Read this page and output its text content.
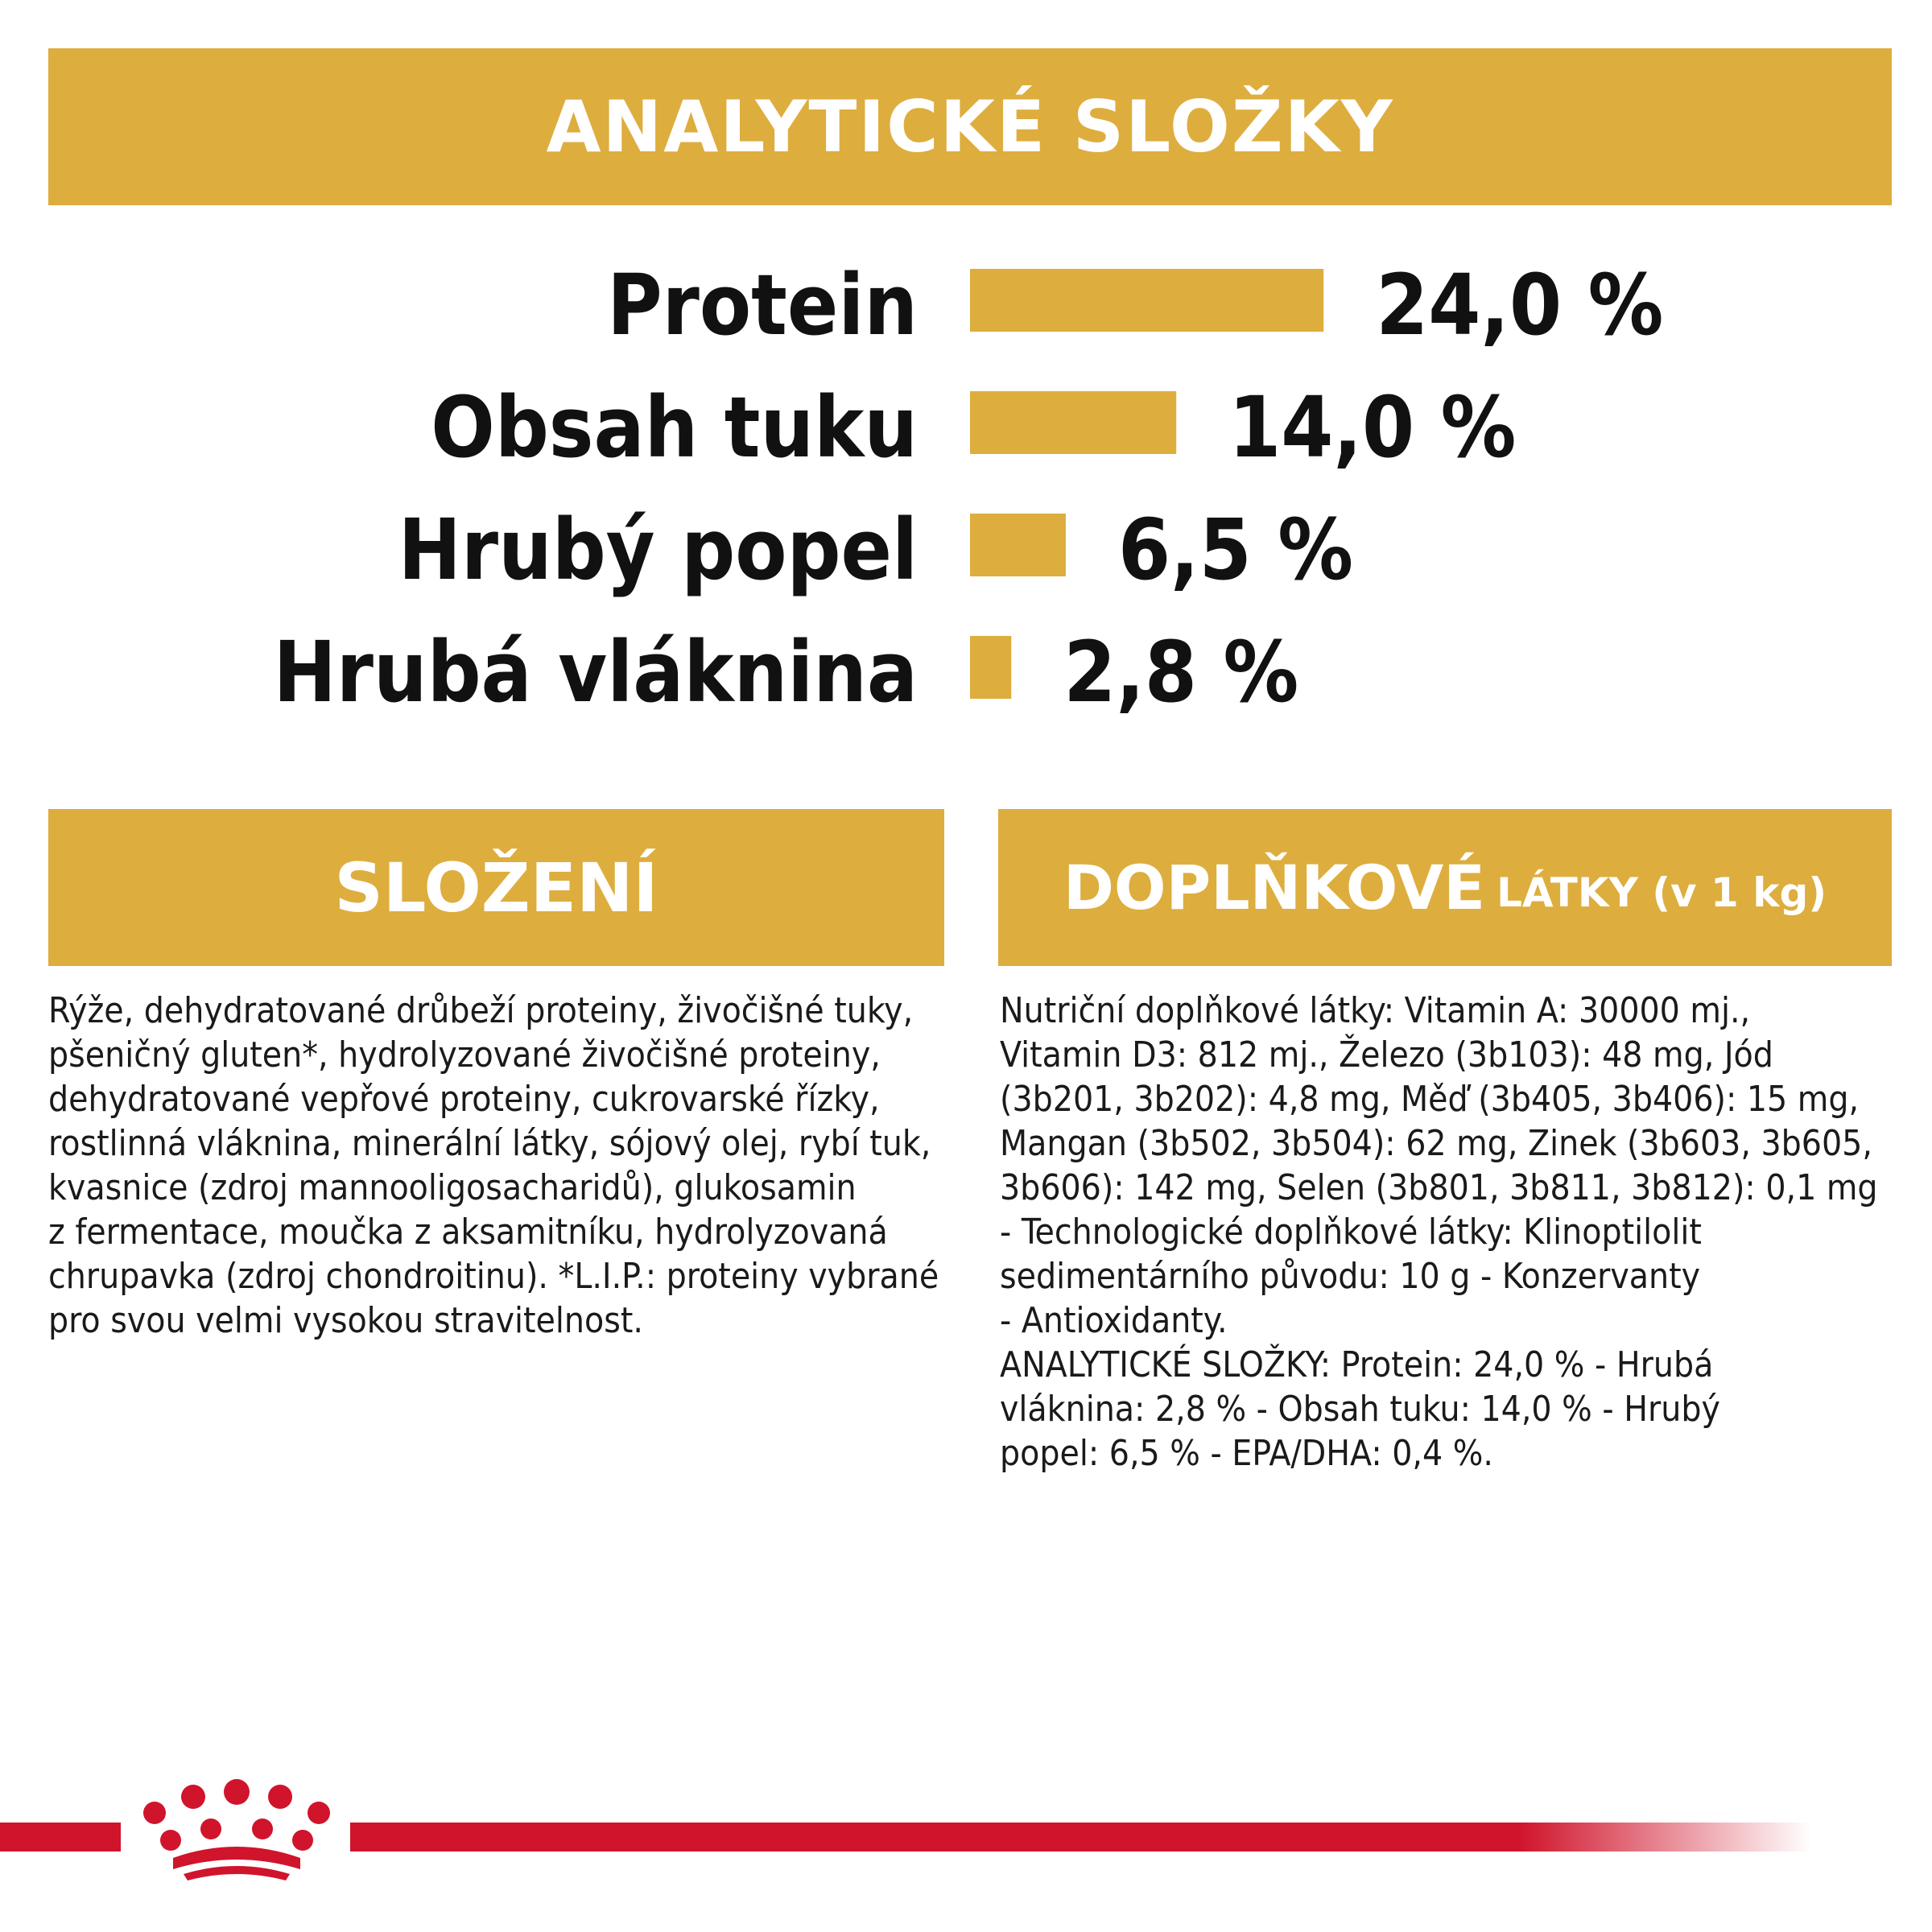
ANALYTICKÉ SLOŽKY
Protein	24,0 %
Obsah tuku	14,0 %
Hrubý popel 6,5 %
Hrubá vláknina 2,8 %
SLOŽENÍ	DOPLŇKOVÉ LÁTKY (v 1 kg)
Rýže, dehydratované drůbeží proteiny, živočišné tuky,
pšeničný gluten*, hydrolyzované živočišné proteiny,
dehydratované vepřové proteiny, cukrovarské řízky,
rostlinná vláknina, minerální látky, sójový olej, rybí tuk,
kvasnice (zdroj mannooligosacharidů), glukosamin
z fermentace, moučka z aksamitníku, hydrolyzovaná
chrupavka (zdroj chondroitinu). *L.I.P.: proteiny vybrané
pro svou velmi vysokou stravitelnost.
Nutriční doplňkové látky: Vitamin A: 30000 mj.,
Vitamin D3: 812 mj., Železo (3b103): 48 mg, Jód
(3b201, 3b202): 4,8 mg, Měď (3b405, 3b406): 15 mg,
Mangan (3b502, 3b504): 62 mg, Zinek (3b603, 3b605,
3b606): 142 mg, Selen (3b801, 3b811, 3b812): 0,1 mg
- Technologické doplňkové látky: Klinoptilolit
sedimentárního původu: 10 g - Konzervanty
- Antioxidanty.
ANALYTICKÉ SLOŽKY: Protein: 24,0 % - Hrubá
vláknina: 2,8 % - Obsah tuku: 14,0 % - Hrubý
popel: 6,5 % - EPA/DHA: 0,4 %.
